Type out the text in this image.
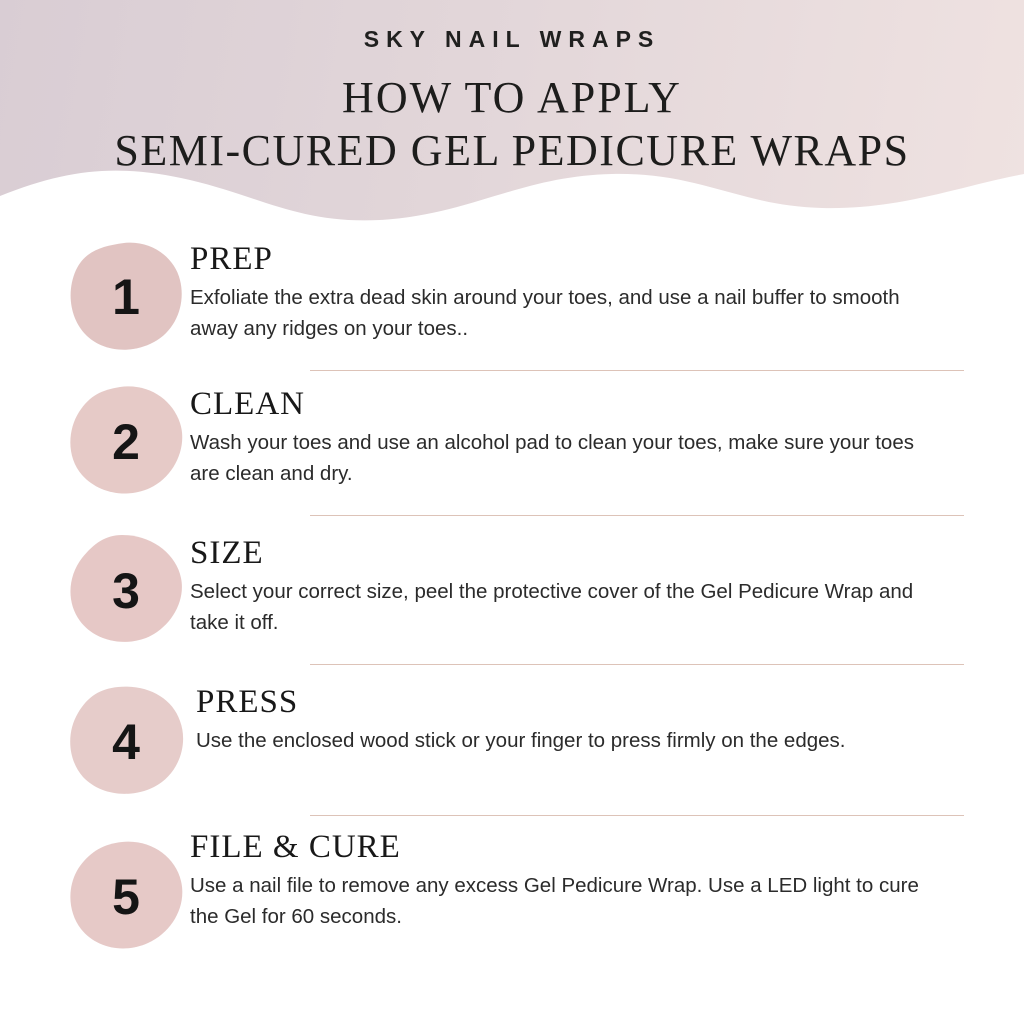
SKY NAIL WRAPS
HOW TO APPLY
SEMI-CURED GEL PEDICURE WRAPS
1
PREP
Exfoliate the extra dead skin around your toes, and use a nail buffer to smooth away any ridges on your toes..
2
CLEAN
Wash your toes and use an alcohol pad to clean your toes, make sure your toes are clean and dry.
3
SIZE
Select your correct size, peel the protective cover of the Gel Pedicure Wrap and take it off.
4
PRESS
Use the enclosed wood stick or your finger to press firmly on the edges.
5
FILE & CURE
Use a nail file to remove any excess Gel Pedicure Wrap. Use a LED light to cure the Gel for 60 seconds.
